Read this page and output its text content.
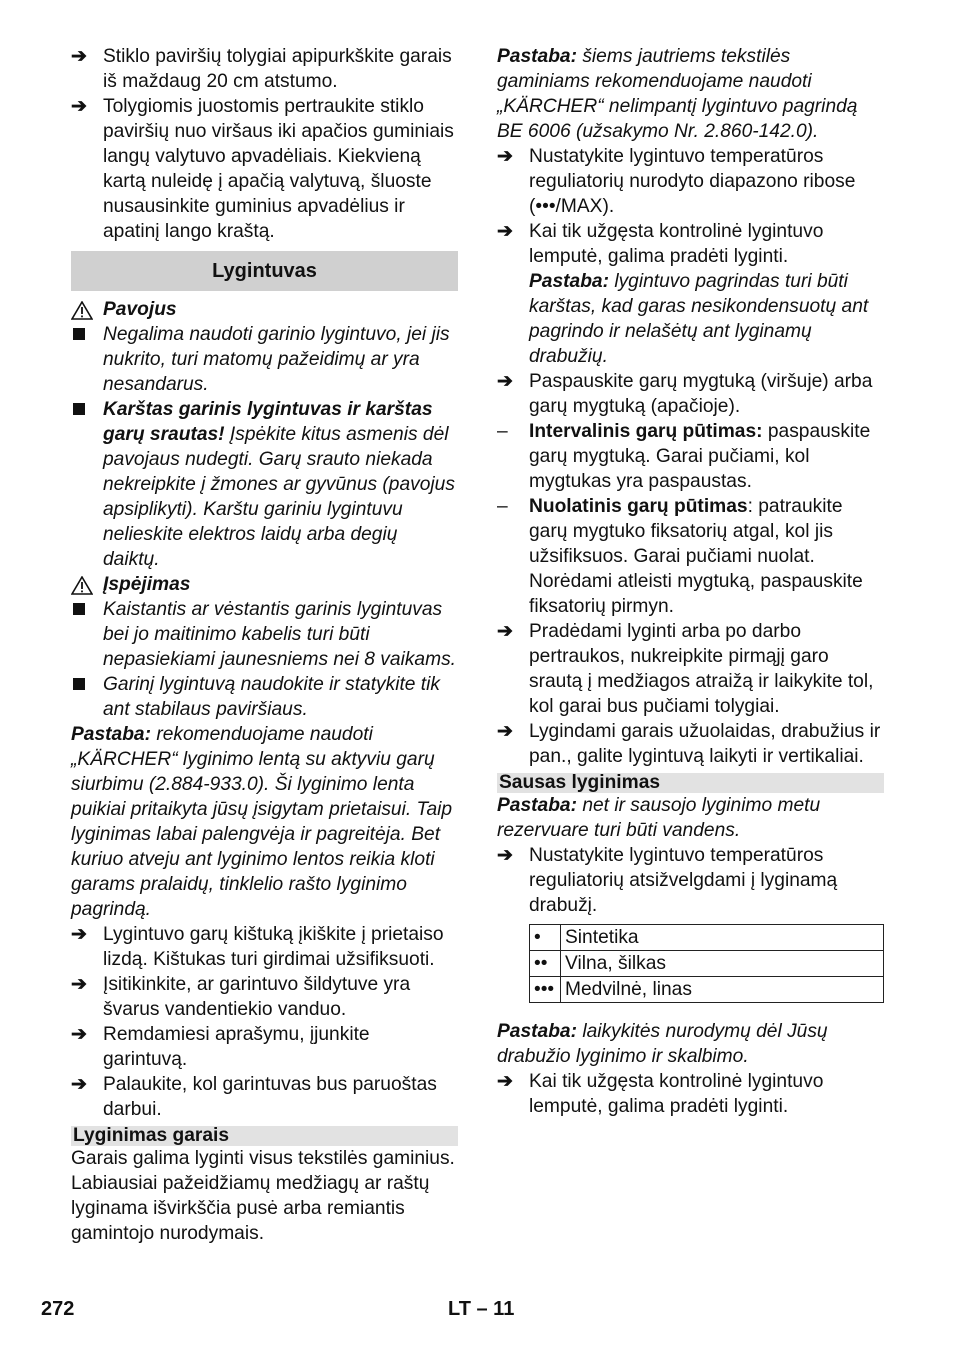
➔ Stiklo paviršių tolygiai apipurkškite garais iš maždaug 20 cm atstumo.

➔ Tolygiomis juostomis pertraukite stiklo paviršių nuo viršaus iki apačios guminiais langų valytuvo apvadėliais. Kiekvieną kartą nuleidę į apačią valytuvą, šluoste nusausinkite guminius apvadėlius ir apatinį lango kraštą.

Lygintuvas
Pavojus

Negalima naudoti garinio lygintuvo, jei jis nukrito, turi matomų pažeidimų ar yra nesandarus.

Karštas garinis lygintuvas ir karštas garų srautas! Įspėkite kitus asmenis dėl pavojaus nudegti. Garų srauto niekada nekreipkite į žmones ar gyvūnus (pavojus apsiplikyti). Karštu gariniu lygintuvu nelieskite elektros laidų arba degių daiktų.

Įspėjimas

Kaistantis ar vėstantis garinis lygintuvas bei jo maitinimo kabelis turi būti nepasiekiami jaunesniems nei 8 vaikams.

Garinį lygintuvą naudokite ir statykite tik ant stabilaus paviršiaus.

Pastaba: rekomenduojame naudoti „KÄRCHER“ lyginimo lentą su aktyviu garų siurbimu (2.884-933.0). Ši lyginimo lenta puikiai pritaikyta jūsų įsigytam prietaisui. Taip lyginimas labai palengvėja ir pagreitėja. Bet kuriuo atveju ant lyginimo lentos reikia kloti garams pralaidų, tinklelio rašto lyginimo pagrindą.

➔ Lygintuvo garų kištuką įkiškite į prietaiso lizdą. Kištukas turi girdimai užsifiksuoti.

➔ Įsitikinkite, ar garintuvo šildytuve yra švarus vandentiekio vanduo.

➔ Remdamiesi aprašymu, įjunkite garintuvą.

➔ Palaukite, kol garintuvas bus paruoštas darbui.

Lyginimas garais

Garais galima lyginti visus tekstilės gaminius. Labiausiai pažeidžiamų medžiagų ar raštų lyginama išvirkščia pusė arba remiantis gamintojo nurodymais.

Pastaba: šiems jautriems tekstilės gaminiams rekomenduojame naudoti „KÄRCHER“ nelimpantį lygintuvo pagrindą BE 6006 (užsakymo Nr. 2.860-142.0).

➔ Nustatykite lygintuvo temperatūros reguliatorių nurodyto diapazono ribose (•••/MAX).

➔ Kai tik užgęsta kontrolinė lygintuvo lemputė, galima pradėti lyginti.

Pastaba: lygintuvo pagrindas turi būti karštas, kad garas nesikondensuotų ant pagrindo ir nelašėtų ant lyginamų drabužių.

➔ Paspauskite garų mygtuką (viršuje) arba garų mygtuką (apačioje).

– Intervalinis garų pūtimas: paspauskite garų mygtuką. Garai pučiami, kol mygtukas yra paspaustas.

– Nuolatinis garų pūtimas: patraukite garų mygtuko fiksatorių atgal, kol jis užsifiksuos. Garai pučiami nuolat. Norėdami atleisti mygtuką, paspauskite fiksatorių pirmyn.

➔ Pradėdami lyginti arba po darbo pertraukos, nukreipkite pirmąjį garo srautą į medžiagos atraižą ir laikykite tol, kol garai bus pučiami tolygiai.

➔ Lygindami garais užuolaidas, drabužius ir pan., galite lygintuvą laikyti ir vertikaliai.

Sausas lyginimas

Pastaba: net ir sausojo lyginimo metu rezervuare turi būti vandens.

➔ Nustatykite lygintuvo temperatūros reguliatorių atsižvelgdami į lyginamą drabužį.

•	Sintetika
••	Vilna, šilkas
•••	Medvilnė, linas

Pastaba: laikykitės nurodymų dėl Jūsų drabužio lyginimo ir skalbimo.

➔ Kai tik užgęsta kontrolinė lygintuvo lemputė, galima pradėti lyginti.

272	LT – 11
